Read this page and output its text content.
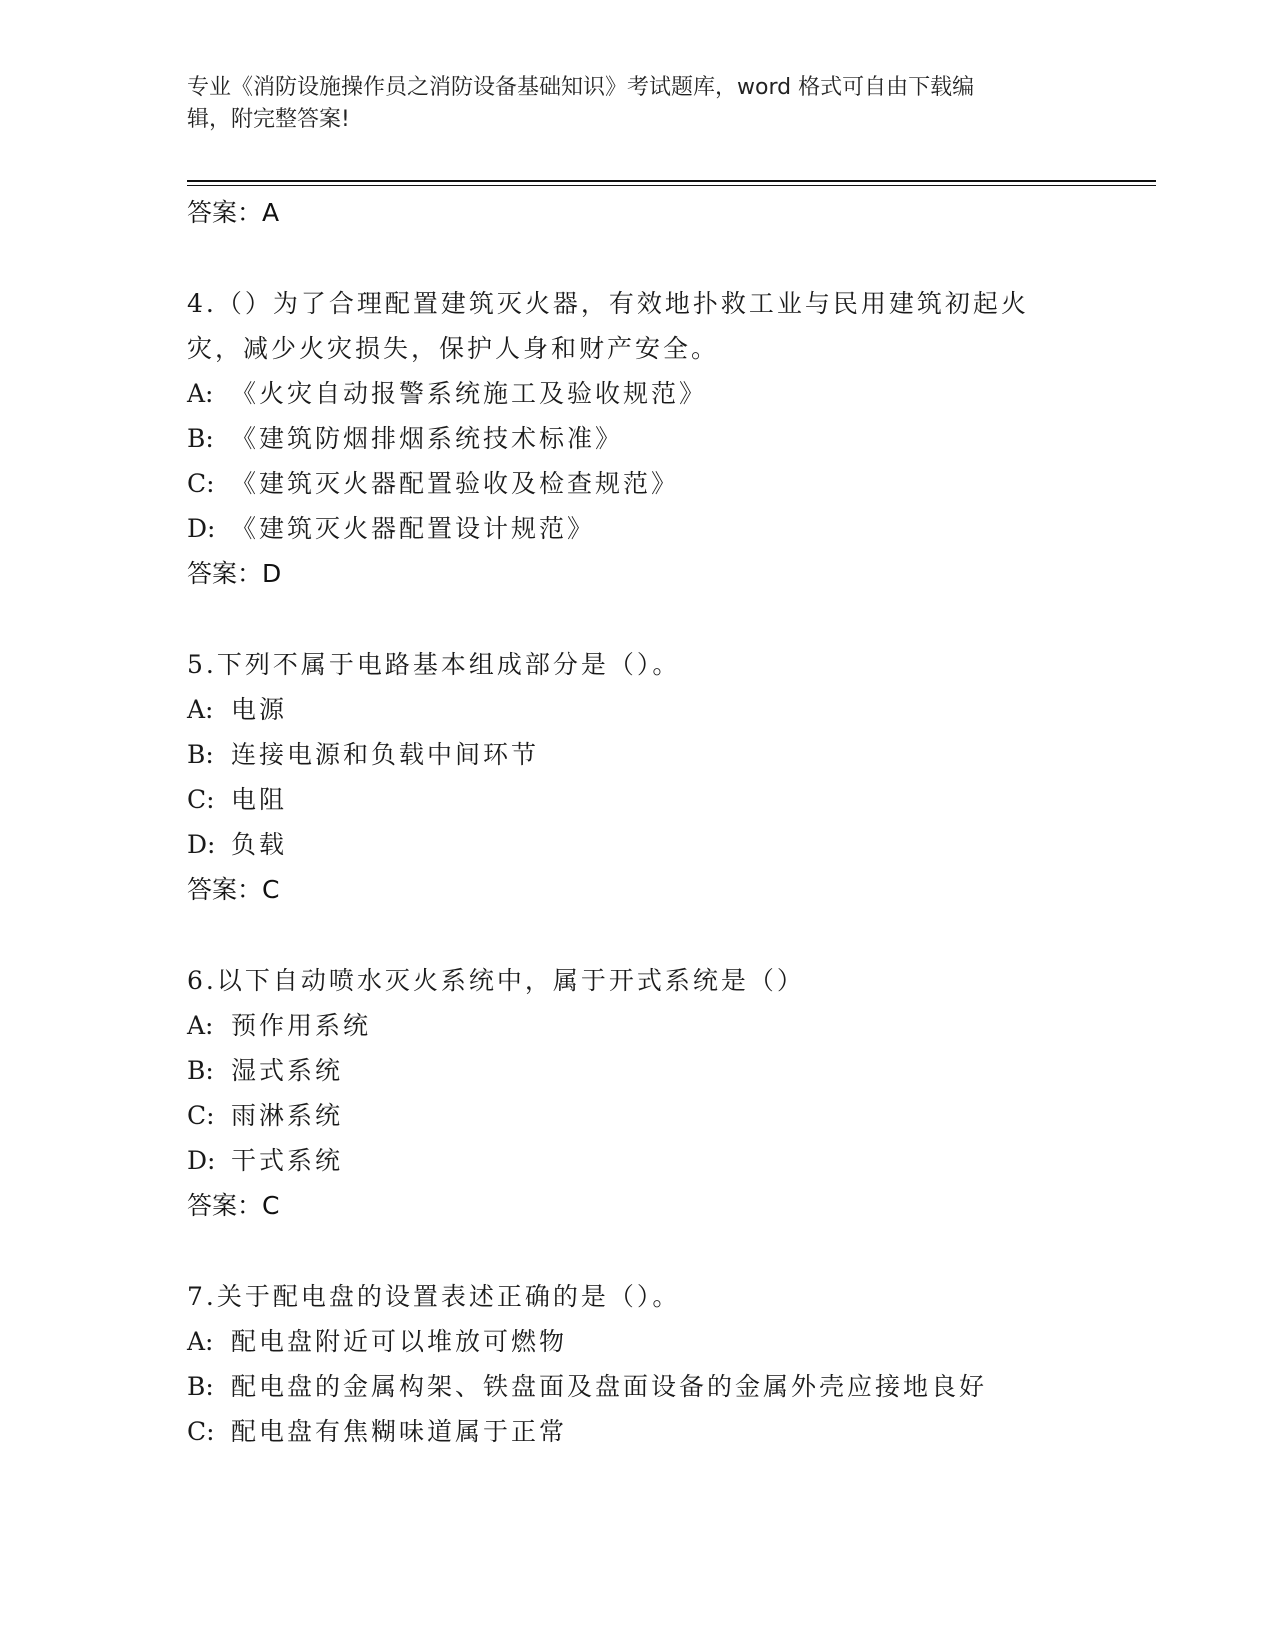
专业《消防设施操作员之消防设备基础知识》考试题库，word 格式可自由下载编
辑，附完整答案!
答案：A
4.（）为了合理配置建筑灭火器，有效地扑救工业与民用建筑初起火
灾，减少火灾损失，保护人身和财产安全。
A: 《火灾自动报警系统施工及验收规范》
B: 《建筑防烟排烟系统技术标准》
C: 《建筑灭火器配置验收及检查规范》
D: 《建筑灭火器配置设计规范》
答案：D
5.下列不属于电路基本组成部分是（）。
A: 电源
B: 连接电源和负载中间环节
C: 电阻
D: 负载
答案：C
6.以下自动喷水灭火系统中，属于开式系统是（）
A: 预作用系统
B: 湿式系统
C: 雨淋系统
D: 干式系统
答案：C
7.关于配电盘的设置表述正确的是（）。
A: 配电盘附近可以堆放可燃物
B: 配电盘的金属构架、铁盘面及盘面设备的金属外壳应接地良好
C: 配电盘有焦糊味道属于正常
